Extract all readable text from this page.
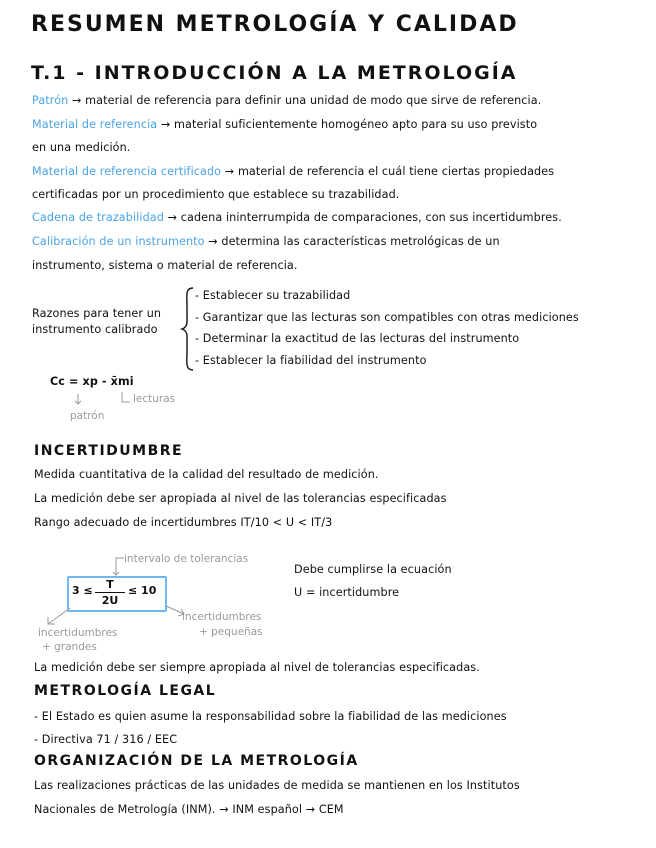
RESUMEN METROLOGÍA Y CALIDAD
T.1 - INTRODUCCIÓN A LA METROLOGÍA
Patrón → material de referencia para definir una unidad de modo que sirve de referencia.
Material de referencia → material suficientemente homogéneo apto para su uso previsto
en una medición.
Material de referencia certificado → material de referencia el cuál tiene ciertas propiedades
certificadas por un procedimiento que establece su trazabilidad.
Cadena de trazabilidad → cadena ininterrumpida de comparaciones, con sus incertidumbres.
Calibración de un instrumento → determina las características metrológicas de un
instrumento, sistema o material de referencia.
Razones para tener un
instrumento calibrado
- Establecer su trazabilidad
- Garantizar que las lecturas son compatibles con otras mediciones
- Determinar la exactitud de las lecturas del instrumento
- Establecer la fiabilidad del instrumento
Cc = xp - x̄mi
lecturas
patrón
INCERTIDUMBRE
Medida cuantitativa de la calidad del resultado de medición.
La medición debe ser apropiada al nivel de las tolerancias especificadas
Rango adecuado de incertidumbres IT/10 < U < IT/3
intervalo de tolerancias
$3 \le \frac{T}{2U} \le 10$
Debe cumplirse la ecuación
U = incertidumbre
incertidumbres
+ grandes
incertidumbres
+ pequeñas
La medición debe ser siempre apropiada al nivel de tolerancias especificadas.
METROLOGÍA LEGAL
- El Estado es quien asume la responsabilidad sobre la fiabilidad de las mediciones
- Directiva 71 / 316 / EEC
ORGANIZACIÓN DE LA METROLOGÍA
Las realizaciones prácticas de las unidades de medida se mantienen en los Institutos
Nacionales de Metrología (INM). → INM español → CEM
